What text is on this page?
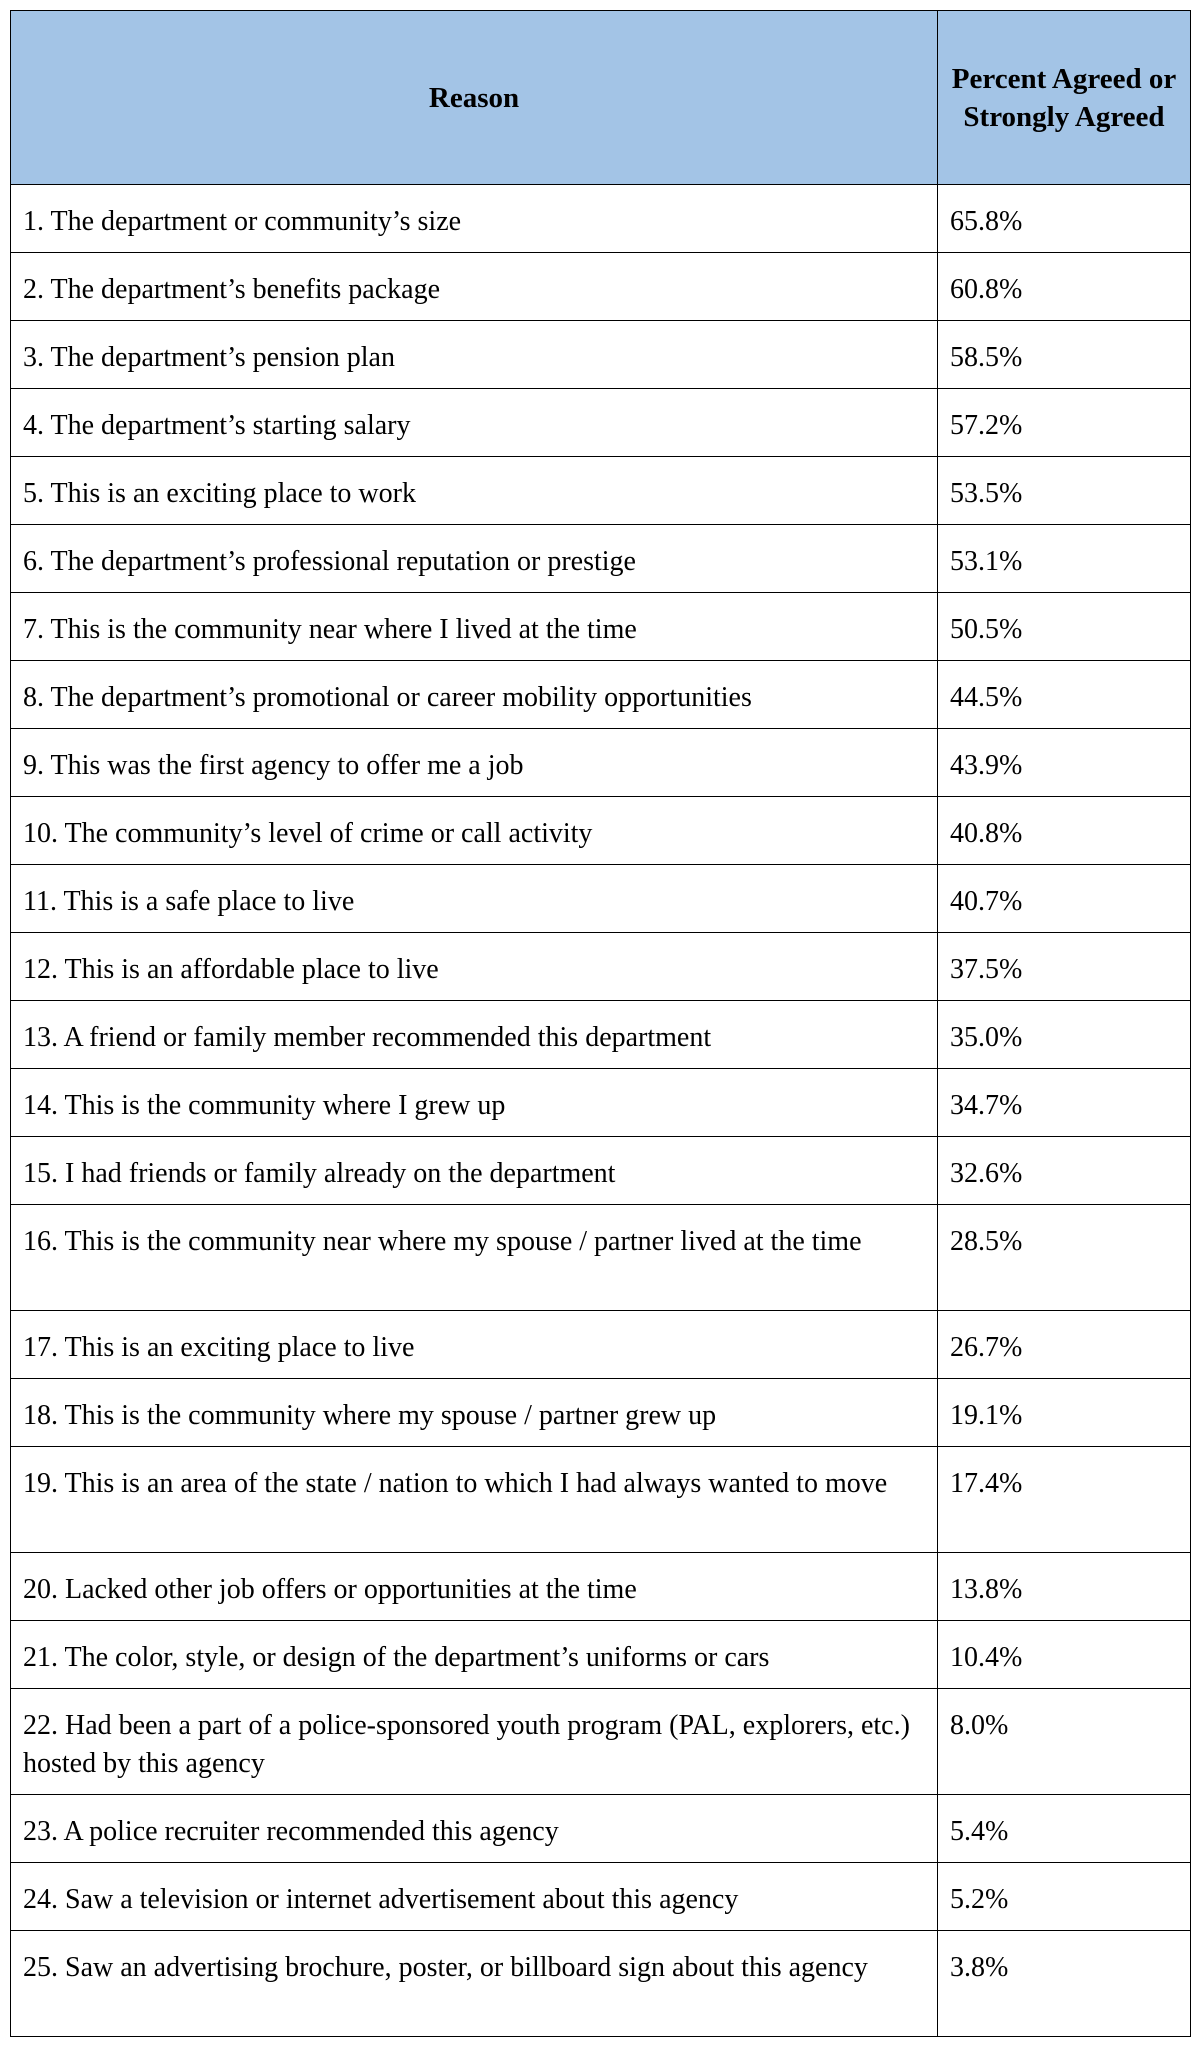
Reason	Percent Agreed or Strongly Agreed
1. The department or community’s size	65.8%
2. The department’s benefits package	60.8%
3. The department’s pension plan	58.5%
4. The department’s starting salary	57.2%
5. This is an exciting place to work	53.5%
6. The department’s professional reputation or prestige	53.1%
7. This is the community near where I lived at the time	50.5%
8. The department’s promotional or career mobility opportunities	44.5%
9. This was the first agency to offer me a job	43.9%
10. The community’s level of crime or call activity	40.8%
11. This is a safe place to live	40.7%
12. This is an affordable place to live	37.5%
13. A friend or family member recommended this department	35.0%
14. This is the community where I grew up	34.7%
15. I had friends or family already on the department	32.6%
16. This is the community near where my spouse / partner lived at the time	28.5%
17. This is an exciting place to live	26.7%
18. This is the community where my spouse / partner grew up	19.1%
19. This is an area of the state / nation to which I had always wanted to move	17.4%
20. Lacked other job offers or opportunities at the time	13.8%
21. The color, style, or design of the department’s uniforms or cars	10.4%
22. Had been a part of a police-sponsored youth program (PAL, explorers, etc.) hosted by this agency	8.0%
23. A police recruiter recommended this agency	5.4%
24. Saw a television or internet advertisement about this agency	5.2%
25. Saw an advertising brochure, poster, or billboard sign about this agency	3.8%
